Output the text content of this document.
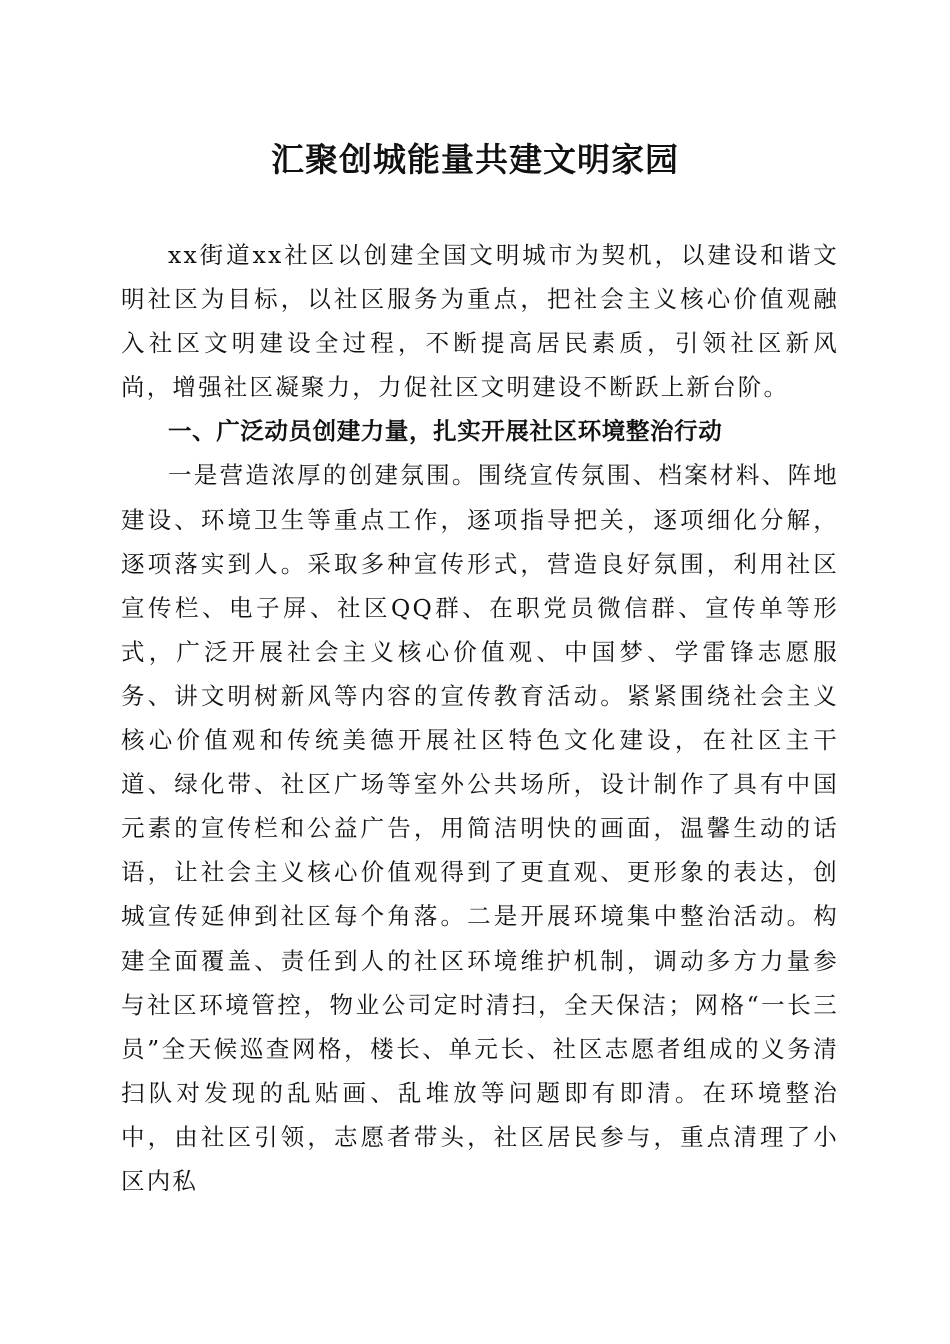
汇聚创城能量共建文明家园

xx街道xx社区以创建全国文明城市为契机，以建设和谐文明社区为目标，以社区服务为重点，把社会主义核心价值观融入社区文明建设全过程，不断提高居民素质，引领社区新风尚，增强社区凝聚力，力促社区文明建设不断跃上新台阶。

一、广泛动员创建力量，扎实开展社区环境整治行动

一是营造浓厚的创建氛围。围绕宣传氛围、档案材料、阵地建设、环境卫生等重点工作，逐项指导把关，逐项细化分解，逐项落实到人。采取多种宣传形式，营造良好氛围，利用社区宣传栏、电子屏、社区QQ群、在职党员微信群、宣传单等形式，广泛开展社会主义核心价值观、中国梦、学雷锋志愿服务、讲文明树新风等内容的宣传教育活动。紧紧围绕社会主义核心价值观和传统美德开展社区特色文化建设，在社区主干道、绿化带、社区广场等室外公共场所，设计制作了具有中国元素的宣传栏和公益广告，用简洁明快的画面，温馨生动的话语，让社会主义核心价值观得到了更直观、更形象的表达，创城宣传延伸到社区每个角落。二是开展环境集中整治活动。构建全面覆盖、责任到人的社区环境维护机制，调动多方力量参与社区环境管控，物业公司定时清扫，全天保洁；网格“一长三员”全天候巡查网格，楼长、单元长、社区志愿者组成的义务清扫队对发现的乱贴画、乱堆放等问题即有即清。在环境整治中，由社区引领，志愿者带头，社区居民参与，重点清理了小区内私
